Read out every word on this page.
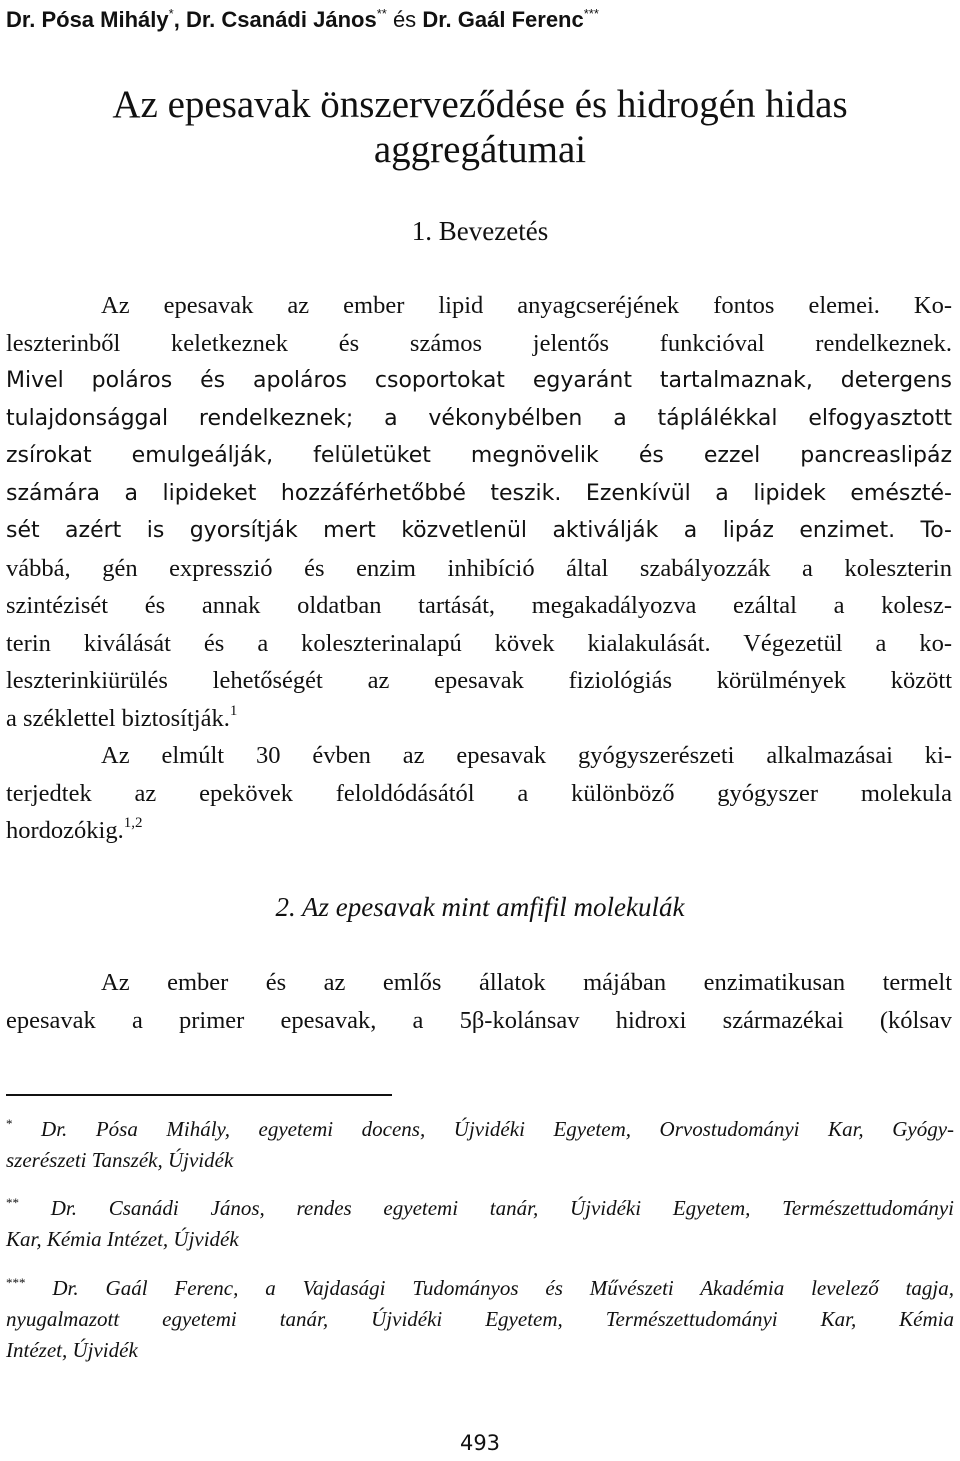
Dr. Pósa Mihály*, Dr. Csanádi János** és Dr. Gaál Ferenc***
Az epesavak önszerveződése és hidrogén hidas
aggregátumai
1. Bevezetés
Az epesavak az ember lipid anyagcseréjének fontos elemei. Ko-
leszterinből keletkeznek és számos jelentős funkcióval rendelkeznek.
Mivel poláros és apoláros csoportokat egyaránt tartalmaznak, detergens
tulajdonsággal rendelkeznek; a vékonybélben a táplálékkal elfogyasztott
zsírokat emulgeálják, felületüket megnövelik és ezzel pancreaslipáz
számára a lipideket hozzáférhetőbbé teszik. Ezenkívül a lipidek emészté-
sét azért is gyorsítják mert közvetlenül aktiválják a lipáz enzimet. To-
vábbá, gén expresszió és enzim inhibíció által szabályozzák a koleszterin
szintézisét és annak oldatban tartását, megakadályozva ezáltal a kolesz-
terin kiválását és a koleszterinalapú kövek kialakulását. Végezetül a ko-
leszterinkiürülés lehetőségét az epesavak fiziológiás körülmények között
a széklettel biztosítják.$^1$
Az elmúlt 30 évben az epesavak gyógyszerészeti alkalmazásai ki-
terjedtek az epekövek feloldódásától a különböző gyógyszer molekula
hordozókig.$^{1,2}$
2. Az epesavak mint amfifil molekulák
Az ember és az emlős állatok májában enzimatikusan termelt
epesavak a primer epesavak, a 5β-kolánsav hidroxi származékai (kólsav
* Dr. Pósa Mihály, egyetemi docens, Újvidéki Egyetem, Orvostudományi Kar, Gyógy-
szerészeti Tanszék, Újvidék
** Dr. Csanádi János, rendes egyetemi tanár, Újvidéki Egyetem, Természettudományi
Kar, Kémia Intézet, Újvidék
*** Dr. Gaál Ferenc, a Vajdasági Tudományos és Művészeti Akadémia levelező tagja,
nyugalmazott egyetemi tanár, Újvidéki Egyetem, Természettudományi Kar, Kémia
Intézet, Újvidék
493
